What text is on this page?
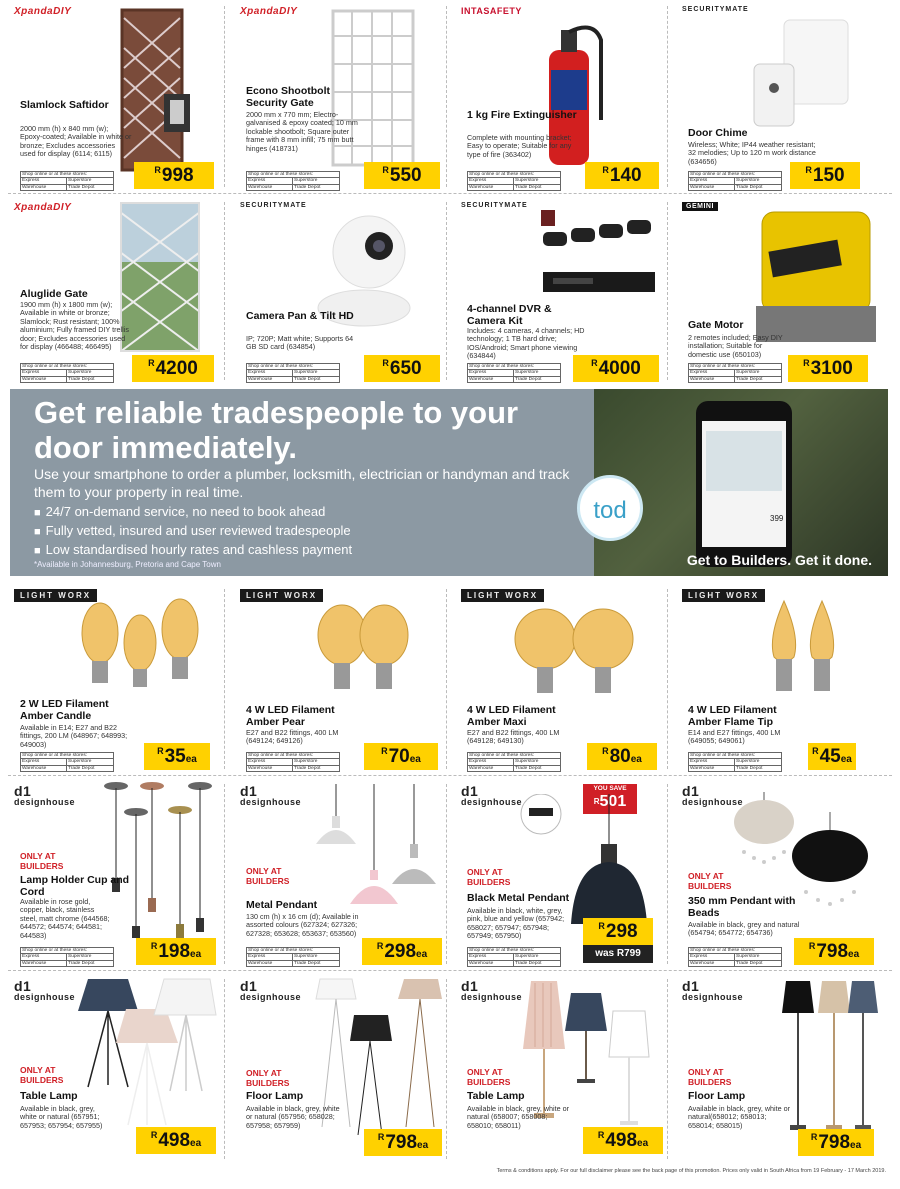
XpandaDIY
Slamlock Saftidor
2000 mm (h) x 840 mm (w); Epoxy-coated; Available in white or bronze; Excludes accessories used for display (6114; 6115)
Shop online or at these stores:
Express	Superstore
Warehouse	Trade Depot
$^R$998
XpandaDIY
Econo Shootbolt Security Gate
2000 mm x 770 mm; Electro-galvanised & epoxy coated; 10 mm lockable shootbolt; Square outer frame with 8 mm infill; 75 mm butt hinges (418731)
Shop online or at these stores:
Express	Superstore
Warehouse	Trade Depot
$^R$550
INTASAFETY
1 kg Fire Extinguisher
Complete with mounting bracket; Easy to operate; Suitable for any type of fire (363402)
Shop online or at these stores:
Express	Superstore
Warehouse	Trade Depot
$^R$140
SECURITYMATE
Door Chime
Wireless; White; IP44 weather resistant; 32 melodies; Up to 120 m work distance (634656)
Shop online or at these stores:
Express	Superstore
Warehouse	Trade Depot
$^R$150
XpandaDIY
Aluglide Gate
1900 mm (h) x 1800 mm (w); Available in white or bronze; Slamlock; Rust resistant; 100% aluminium; Fully framed DIY trellis door; Excludes accessories used for display (466488; 466495)
Shop online or at these stores:
Express	Superstore
Warehouse	Trade Depot
$^R$4200
SECURITYMATE
Camera Pan & Tilt HD
IP; 720P; Matt white; Supports 64 GB SD card (634854)
Shop online or at these stores:
Express	Superstore
Warehouse	Trade Depot
$^R$650
SECURITYMATE
4-channel DVR & Camera Kit
Includes: 4 cameras, 4 channels; HD technology; 1 TB hard drive; IOS/Android; Smart phone viewing (634844)
Shop online or at these stores:
Express	Superstore
Warehouse	Trade Depot
$^R$4000
GEMINI
Gate Motor
2 remotes included; Easy DIY installation; Suitable for domestic use (650103)
Shop online or at these stores:
Express	Superstore
Warehouse	Trade Depot
$^R$3100
Get reliable tradespeople to your door immediately.
Use your smartphone to order a plumber, locksmith, electrician or handyman and track them to your property in real time.
■ 24/7 on-demand service, no need to book ahead
■ Fully vetted, insured and user reviewed tradespeople
■ Low standardised hourly rates and cashless payment
*Available in Johannesburg, Pretoria and Cape Town
399
Get to Builders. Get it done.
tod
LIGHT WORX
2 W LED Filament Amber Candle
Available in E14; E27 and B22 fittings, 200 LM (648967; 648993; 649003)
Shop online or at these stores:
Express	Superstore
Warehouse	Trade Depot
$^R$35ea
LIGHT WORX
4 W LED Filament Amber Pear
E27 and B22 fittings, 400 LM (649124; 649126)
Shop online or at these stores:
Express	Superstore
Warehouse	Trade Depot
$^R$70ea
LIGHT WORX
4 W LED Filament Amber Maxi
E27 and B22 fittings, 400 LM (649128; 649130)
Shop online or at these stores:
Express	Superstore
Warehouse	Trade Depot
$^R$80ea
LIGHT WORX
4 W LED Filament Amber Flame Tip
E14 and E27 fittings, 400 LM (649055; 649061)
Shop online or at these stores:
Express	Superstore
Warehouse	Trade Depot
$^R$45ea
d1
designhouse
ONLY AT BUILDERS
Lamp Holder Cup and Cord
Available in rose gold, copper, black, stainless steel, matt chrome (644568; 644572; 644574; 644581; 644583)
Shop online or at these stores:
Express	Superstore
Warehouse	Trade Depot
$^R$198ea
d1
designhouse
ONLY AT BUILDERS
Metal Pendant
130 cm (h) x 16 cm (d); Available in assorted colours (627324; 627326; 627328; 653628; 653637; 653560)
Shop online or at these stores:
Express	Superstore
Warehouse	Trade Depot
$^R$298ea
d1
designhouse
YOU SAVE
$^R$501
ONLY AT BUILDERS
Black Metal Pendant
Available in black, white, grey, pink, blue and yellow (657942; 658027; 657947; 657948; 657949; 657950)
Shop online or at these stores:
Express	Superstore
Warehouse	Trade Depot
$^R$298
was R799
d1
designhouse
ONLY AT BUILDERS
350 mm Pendant with Beads
Available in black, grey and natural (654794; 654772; 654736)
Shop online or at these stores:
Express	Superstore
Warehouse	Trade Depot
$^R$798ea
d1
designhouse
ONLY AT BUILDERS
Table Lamp
Available in black, grey, white or natural (657951; 657953; 657954; 657955)
$^R$498ea
d1
designhouse
ONLY AT BUILDERS
Floor Lamp
Available in black, grey, white or natural (657956; 658028; 657958; 657959)
$^R$798ea
d1
designhouse
ONLY AT BUILDERS
Table Lamp
Available in black, grey, white or natural (658007; 658008; 658010; 658011)
$^R$498ea
d1
designhouse
ONLY AT BUILDERS
Floor Lamp
Available in black, grey, white or natural(658012; 658013; 658014; 658015)
$^R$798ea
Terms & conditions apply. For our full disclaimer please see the back page of this promotion. Prices only valid in South Africa from 19 February - 17 March 2019.
